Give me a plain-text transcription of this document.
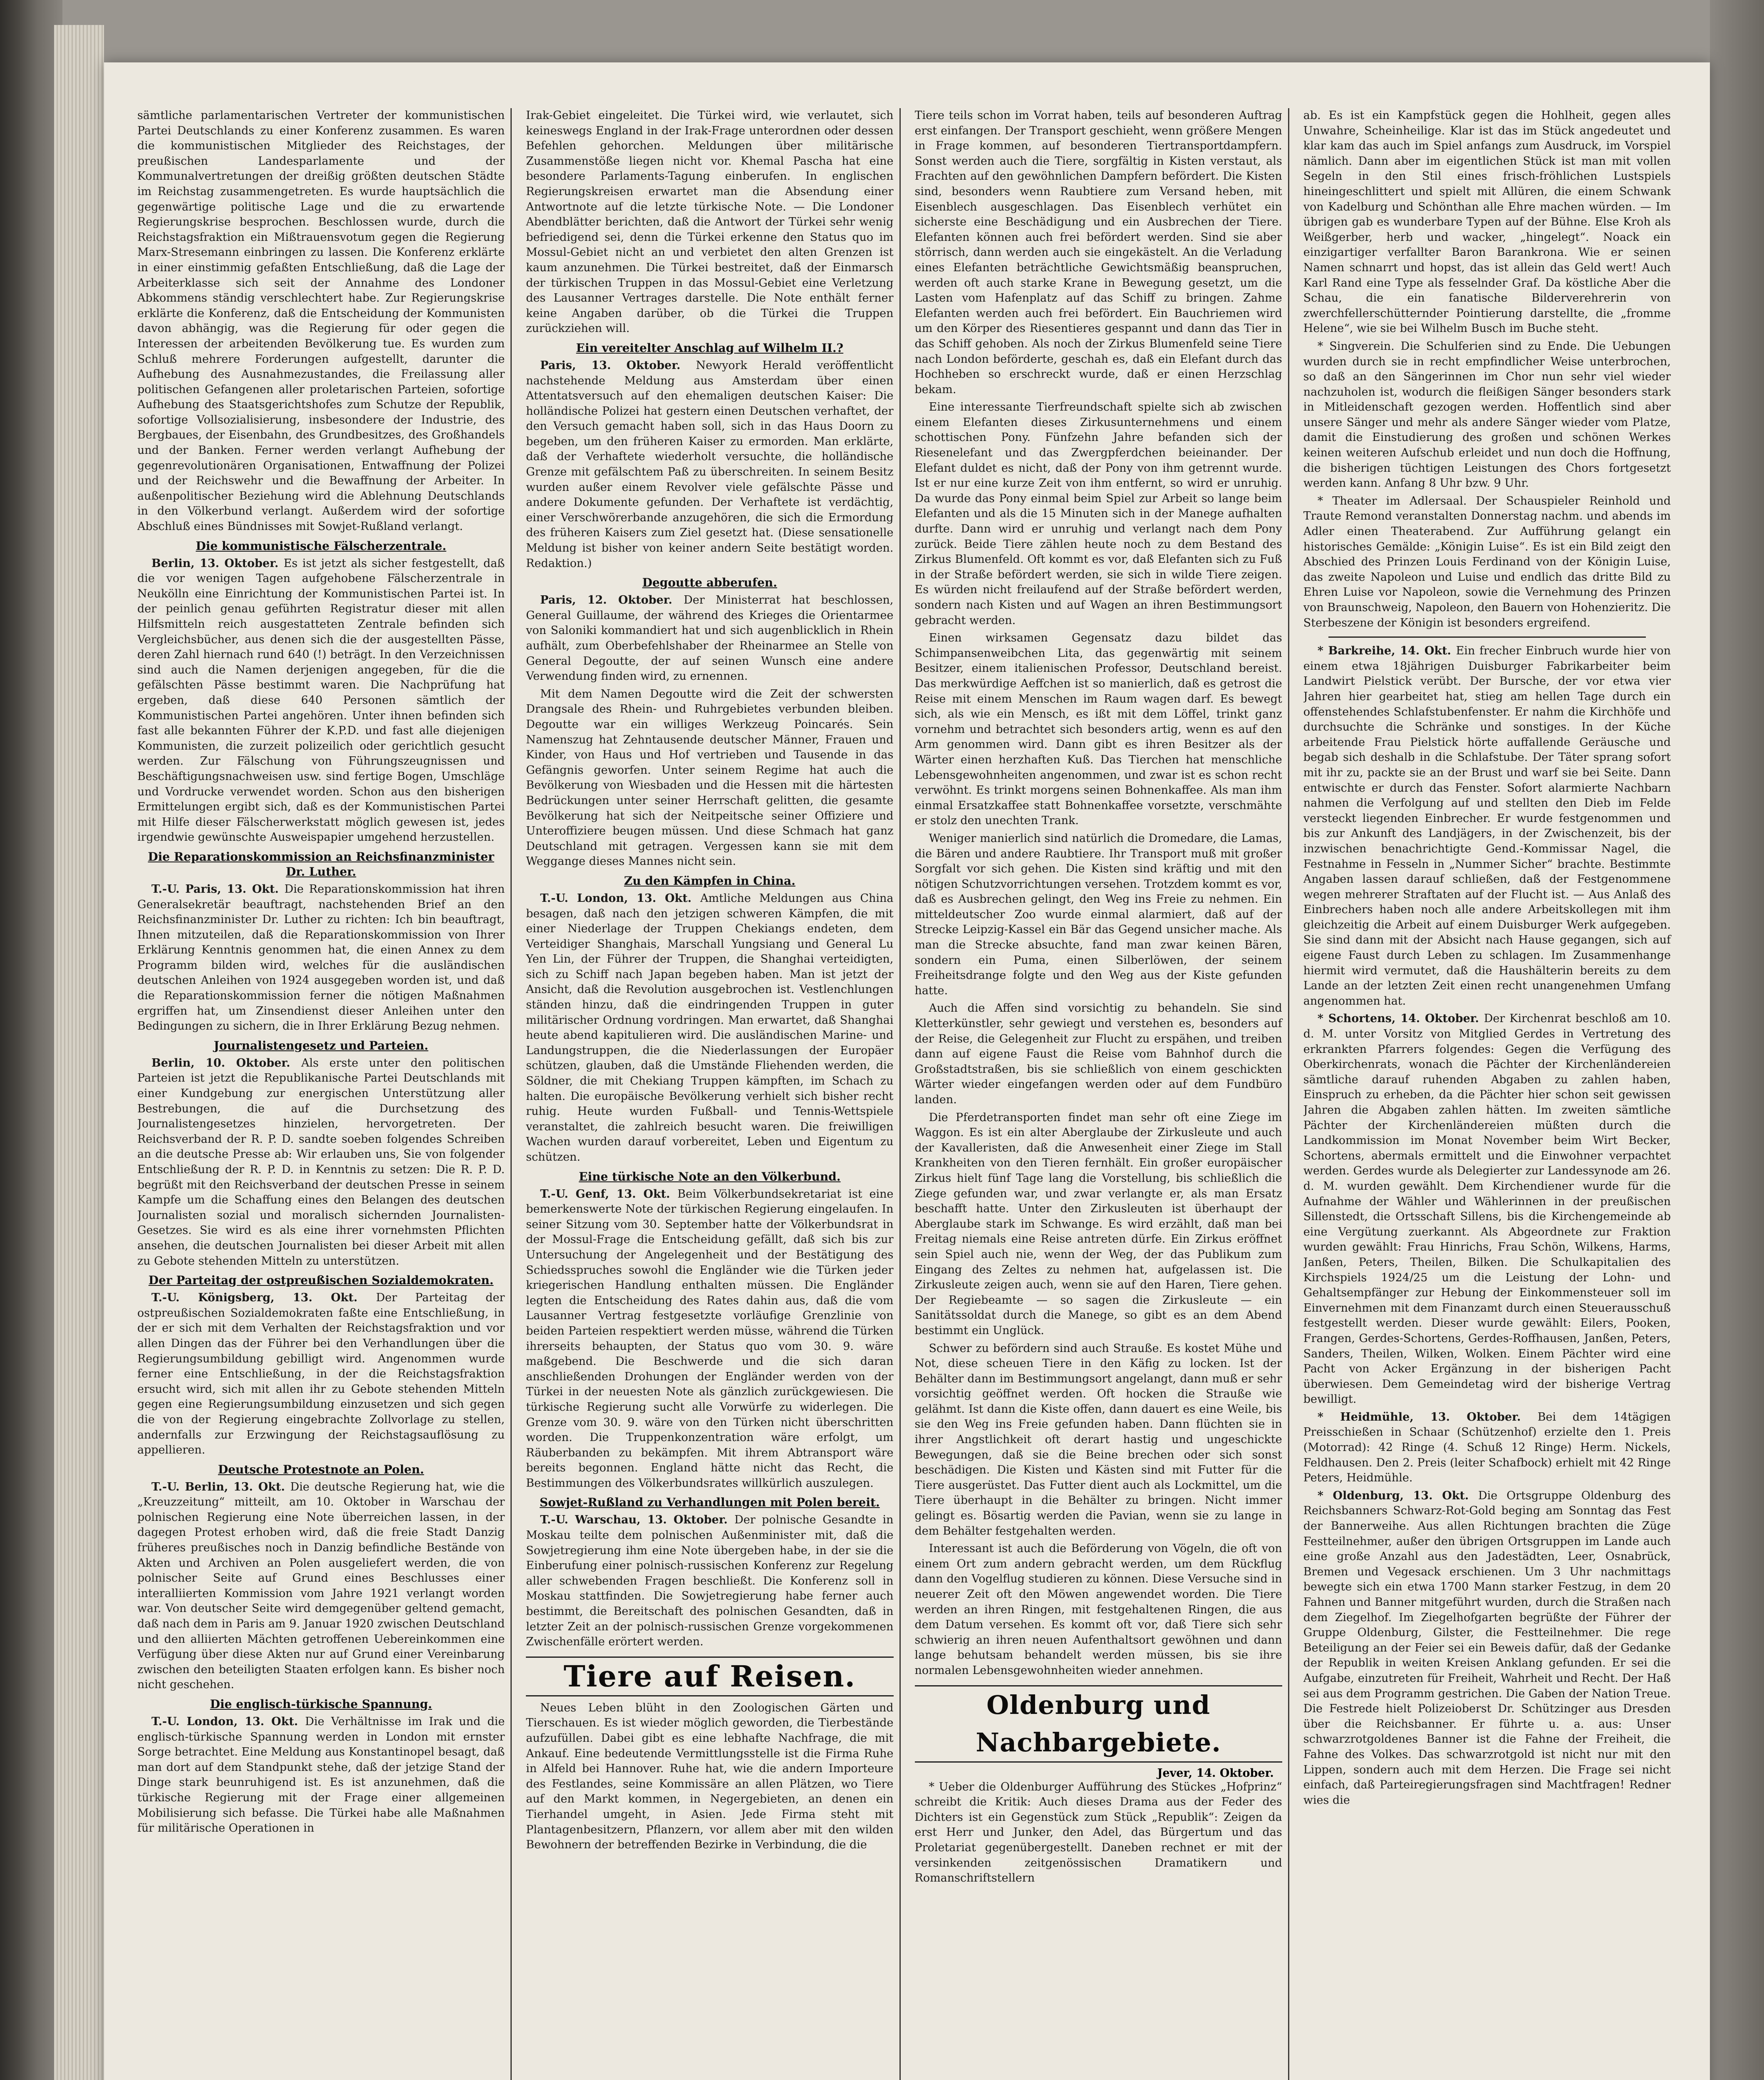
sämtliche parlamentarischen Vertreter der kommunistischen Partei Deutschlands zu einer Konferenz zusammen. Es waren die kommunistischen Mitglieder des Reichstages, der preußischen Landesparlamente und der Kommunalvertretungen der dreißig größten deutschen Städte im Reichstag zusammengetreten. Es wurde hauptsächlich die gegenwärtige politische Lage und die zu erwartende Regierungskrise besprochen. Beschlossen wurde, durch die Reichstagsfraktion ein Mißtrauensvotum gegen die Regierung Marx-Stresemann einbringen zu lassen. Die Konferenz erklärte in einer einstimmig gefaßten Entschließung, daß die Lage der Arbeiterklasse sich seit der Annahme des Londoner Abkommens ständig verschlechtert habe. Zur Regierungskrise erklärte die Konferenz, daß die Entscheidung der Kommunisten davon abhängig, was die Regierung für oder gegen die Interessen der arbeitenden Bevölkerung tue. Es wurden zum Schluß mehrere Forderungen aufgestellt, darunter die Aufhebung des Ausnahmezustandes, die Freilassung aller politischen Gefangenen aller proletarischen Parteien, sofortige Aufhebung des Staatsgerichtshofes zum Schutze der Republik, sofortige Vollsozialisierung, insbesondere der Industrie, des Bergbaues, der Eisenbahn, des Grundbesitzes, des Großhandels und der Banken. Ferner werden verlangt Aufhebung der gegenrevolutionären Organisationen, Entwaffnung der Polizei und der Reichswehr und die Bewaffnung der Arbeiter. In außenpolitischer Beziehung wird die Ablehnung Deutschlands in den Völkerbund verlangt. Außerdem wird der sofortige Abschluß eines Bündnisses mit Sowjet-Rußland verlangt.

Die kommunistische Fälscherzentrale.

Berlin, 13. Oktober. Es ist jetzt als sicher festgestellt, daß die vor wenigen Tagen aufgehobene Fälscherzentrale in Neukölln eine Einrichtung der Kommunistischen Partei ist. In der peinlich genau geführten Registratur dieser mit allen Hilfsmitteln reich ausgestatteten Zentrale befinden sich Vergleichsbücher, aus denen sich die der ausgestellten Pässe, deren Zahl hiernach rund 640 (!) beträgt. In den Verzeichnissen sind auch die Namen derjenigen angegeben, für die die gefälschten Pässe bestimmt waren. Die Nachprüfung hat ergeben, daß diese 640 Personen sämtlich der Kommunistischen Partei angehören. Unter ihnen befinden sich fast alle bekannten Führer der K.P.D. und fast alle diejenigen Kommunisten, die zurzeit polizeilich oder gerichtlich gesucht werden. Zur Fälschung von Führungszeugnissen und Beschäftigungsnachweisen usw. sind fertige Bogen, Umschläge und Vordrucke verwendet worden. Schon aus den bisherigen Ermittelungen ergibt sich, daß es der Kommunistischen Partei mit Hilfe dieser Fälscherwerkstatt möglich gewesen ist, jedes irgendwie gewünschte Ausweispapier umgehend herzustellen.

Die Reparationskommission an Reichsfinanzminister Dr. Luther.

T.-U. Paris, 13. Okt. Die Reparationskommission hat ihren Generalsekretär beauftragt, nachstehenden Brief an den Reichsfinanzminister Dr. Luther zu richten: Ich bin beauftragt, Ihnen mitzuteilen, daß die Reparationskommission von Ihrer Erklärung Kenntnis genommen hat, die einen Annex zu dem Programm bilden wird, welches für die ausländischen deutschen Anleihen von 1924 ausgegeben worden ist, und daß die Reparationskommission ferner die nötigen Maßnahmen ergriffen hat, um Zinsendienst dieser Anleihen unter den Bedingungen zu sichern, die in Ihrer Erklärung Bezug nehmen.

Journalistengesetz und Parteien.

Berlin, 10. Oktober. Als erste unter den politischen Parteien ist jetzt die Republikanische Partei Deutschlands mit einer Kundgebung zur energischen Unterstützung aller Bestrebungen, die auf die Durchsetzung des Journalistengesetzes hinzielen, hervorgetreten. Der Reichsverband der R. P. D. sandte soeben folgendes Schreiben an die deutsche Presse ab: Wir erlauben uns, Sie von folgender Entschließung der R. P. D. in Kenntnis zu setzen: Die R. P. D. begrüßt mit den Reichsverband der deutschen Presse in seinem Kampfe um die Schaffung eines den Belangen des deutschen Journalisten sozial und moralisch sichernden Journalisten-Gesetzes. Sie wird es als eine ihrer vornehmsten Pflichten ansehen, die deutschen Journalisten bei dieser Arbeit mit allen zu Gebote stehenden Mitteln zu unterstützen.

Der Parteitag der ostpreußischen Sozialdemokraten.

T.-U. Königsberg, 13. Okt. Der Parteitag der ostpreußischen Sozialdemokraten faßte eine Entschließung, in der er sich mit dem Verhalten der Reichstagsfraktion und vor allen Dingen das der Führer bei den Verhandlungen über die Regierungsumbildung gebilligt wird. Angenommen wurde ferner eine Entschließung, in der die Reichstagsfraktion ersucht wird, sich mit allen ihr zu Gebote stehenden Mitteln gegen eine Regierungsumbildung einzusetzen und sich gegen die von der Regierung eingebrachte Zollvorlage zu stellen, andernfalls zur Erzwingung der Reichstagsauflösung zu appellieren.

Deutsche Protestnote an Polen.

T.-U. Berlin, 13. Okt. Die deutsche Regierung hat, wie die „Kreuzzeitung“ mitteilt, am 10. Oktober in Warschau der polnischen Regierung eine Note überreichen lassen, in der dagegen Protest erhoben wird, daß die freie Stadt Danzig früheres preußisches noch in Danzig befindliche Bestände von Akten und Archiven an Polen ausgeliefert werden, die von polnischer Seite auf Grund eines Beschlusses einer interalliierten Kommission vom Jahre 1921 verlangt worden war. Von deutscher Seite wird demgegenüber geltend gemacht, daß nach dem in Paris am 9. Januar 1920 zwischen Deutschland und den alliierten Mächten getroffenen Uebereinkommen eine Verfügung über diese Akten nur auf Grund einer Vereinbarung zwischen den beteiligten Staaten erfolgen kann. Es bisher noch nicht geschehen.

Die englisch-türkische Spannung.

T.-U. London, 13. Okt. Die Verhältnisse im Irak und die englisch-türkische Spannung werden in London mit ernster Sorge betrachtet. Eine Meldung aus Konstantinopel besagt, daß man dort auf dem Standpunkt stehe, daß der jetzige Stand der Dinge stark beunruhigend ist. Es ist anzunehmen, daß die türkische Regierung mit der Frage einer allgemeinen Mobilisierung sich befasse. Die Türkei habe alle Maßnahmen für militärische Operationen in

Irak-Gebiet eingeleitet. Die Türkei wird, wie verlautet, sich keineswegs England in der Irak-Frage unterordnen oder dessen Befehlen gehorchen. Meldungen über militärische Zusammenstöße liegen nicht vor. Khemal Pascha hat eine besondere Parlaments-Tagung einberufen. In englischen Regierungskreisen erwartet man die Absendung einer Antwortnote auf die letzte türkische Note. — Die Londoner Abendblätter berichten, daß die Antwort der Türkei sehr wenig befriedigend sei, denn die Türkei erkenne den Status quo im Mossul-Gebiet nicht an und verbietet den alten Grenzen ist kaum anzunehmen. Die Türkei bestreitet, daß der Einmarsch der türkischen Truppen in das Mossul-Gebiet eine Verletzung des Lausanner Vertrages darstelle. Die Note enthält ferner keine Angaben darüber, ob die Türkei die Truppen zurückziehen will.

Ein vereitelter Anschlag auf Wilhelm II.?

Paris, 13. Oktober. Newyork Herald veröffentlicht nachstehende Meldung aus Amsterdam über einen Attentatsversuch auf den ehemaligen deutschen Kaiser: Die holländische Polizei hat gestern einen Deutschen verhaftet, der den Versuch gemacht haben soll, sich in das Haus Doorn zu begeben, um den früheren Kaiser zu ermorden. Man erklärte, daß der Verhaftete wiederholt versuchte, die holländische Grenze mit gefälschtem Paß zu überschreiten. In seinem Besitz wurden außer einem Revolver viele gefälschte Pässe und andere Dokumente gefunden. Der Verhaftete ist verdächtig, einer Verschwörerbande anzugehören, die sich die Ermordung des früheren Kaisers zum Ziel gesetzt hat. (Diese sensationelle Meldung ist bisher von keiner andern Seite bestätigt worden. Redaktion.)

Degoutte abberufen.

Paris, 12. Oktober. Der Ministerrat hat beschlossen, General Guillaume, der während des Krieges die Orientarmee von Saloniki kommandiert hat und sich augenblicklich in Rhein aufhält, zum Oberbefehlshaber der Rheinarmee an Stelle von General Degoutte, der auf seinen Wunsch eine andere Verwendung finden wird, zu ernennen.

Mit dem Namen Degoutte wird die Zeit der schwersten Drangsale des Rhein- und Ruhrgebietes verbunden bleiben. Degoutte war ein williges Werkzeug Poincarés. Sein Namenszug hat Zehntausende deutscher Männer, Frauen und Kinder, von Haus und Hof vertrieben und Tausende in das Gefängnis geworfen. Unter seinem Regime hat auch die Bevölkerung von Wiesbaden und die Hessen mit die härtesten Bedrückungen unter seiner Herrschaft gelitten, die gesamte Bevölkerung hat sich der Neitpeitsche seiner Offiziere und Unteroffiziere beugen müssen. Und diese Schmach hat ganz Deutschland mit getragen. Vergessen kann sie mit dem Weggange dieses Mannes nicht sein.

Zu den Kämpfen in China.

T.-U. London, 13. Okt. Amtliche Meldungen aus China besagen, daß nach den jetzigen schweren Kämpfen, die mit einer Niederlage der Truppen Chekiangs endeten, dem Verteidiger Shanghais, Marschall Yungsiang und General Lu Yen Lin, der Führer der Truppen, die Shanghai verteidigten, sich zu Schiff nach Japan begeben haben. Man ist jetzt der Ansicht, daß die Revolution ausgebrochen ist. Vestlenchlungen ständen hinzu, daß die eindringenden Truppen in guter militärischer Ordnung vordringen. Man erwartet, daß Shanghai heute abend kapitulieren wird. Die ausländischen Marine- und Landungstruppen, die die Niederlassungen der Europäer schützen, glauben, daß die Umstände Fliehenden werden, die Söldner, die mit Chekiang Truppen kämpften, im Schach zu halten. Die europäische Bevölkerung verhielt sich bisher recht ruhig. Heute wurden Fußball- und Tennis-Wettspiele veranstaltet, die zahlreich besucht waren. Die freiwilligen Wachen wurden darauf vorbereitet, Leben und Eigentum zu schützen.

Eine türkische Note an den Völkerbund.

T.-U. Genf, 13. Okt. Beim Völkerbundsekretariat ist eine bemerkenswerte Note der türkischen Regierung eingelaufen. In seiner Sitzung vom 30. September hatte der Völkerbundsrat in der Mossul-Frage die Entscheidung gefällt, daß sich bis zur Untersuchung der Angelegenheit und der Bestätigung des Schiedsspruches sowohl die Engländer wie die Türken jeder kriegerischen Handlung enthalten müssen. Die Engländer legten die Entscheidung des Rates dahin aus, daß die vom Lausanner Vertrag festgesetzte vorläufige Grenzlinie von beiden Parteien respektiert werden müsse, während die Türken ihrerseits behaupten, der Status quo vom 30. 9. wäre maßgebend. Die Beschwerde und die sich daran anschließenden Drohungen der Engländer werden von der Türkei in der neuesten Note als gänzlich zurückgewiesen. Die türkische Regierung sucht alle Vorwürfe zu widerlegen. Die Grenze vom 30. 9. wäre von den Türken nicht überschritten worden. Die Truppenkonzentration wäre erfolgt, um Räuberbanden zu bekämpfen. Mit ihrem Abtransport wäre bereits begonnen. England hätte nicht das Recht, die Bestimmungen des Völkerbundsrates willkürlich auszulegen.

Sowjet-Rußland zu Verhandlungen mit Polen bereit.

T.-U. Warschau, 13. Oktober. Der polnische Gesandte in Moskau teilte dem polnischen Außenminister mit, daß die Sowjetregierung ihm eine Note übergeben habe, in der sie die Einberufung einer polnisch-russischen Konferenz zur Regelung aller schwebenden Fragen beschließt. Die Konferenz soll in Moskau stattfinden. Die Sowjetregierung habe ferner auch bestimmt, die Bereitschaft des polnischen Gesandten, daß in letzter Zeit an der polnisch-russischen Grenze vorgekommenen Zwischenfälle erörtert werden.

Tiere auf Reisen.

Neues Leben blüht in den Zoologischen Gärten und Tierschauen. Es ist wieder möglich geworden, die Tierbestände aufzufüllen. Dabei gibt es eine lebhafte Nachfrage, die mit Ankauf. Eine bedeutende Vermittlungsstelle ist die Firma Ruhe in Alfeld bei Hannover. Ruhe hat, wie die andern Importeure des Festlandes, seine Kommissäre an allen Plätzen, wo Tiere auf den Markt kommen, in Negergebieten, an denen ein Tierhandel umgeht, in Asien. Jede Firma steht mit Plantagenbesitzern, Pflanzern, vor allem aber mit den wilden Bewohnern der betreffenden Bezirke in Verbindung, die die

Tiere teils schon im Vorrat haben, teils auf besonderen Auftrag erst einfangen. Der Transport geschieht, wenn größere Mengen in Frage kommen, auf besonderen Tiertransportdampfern. Sonst werden auch die Tiere, sorgfältig in Kisten verstaut, als Frachten auf den gewöhnlichen Dampfern befördert. Die Kisten sind, besonders wenn Raubtiere zum Versand heben, mit Eisenblech ausgeschlagen. Das Eisenblech verhütet ein sicherste eine Beschädigung und ein Ausbrechen der Tiere. Elefanten können auch frei befördert werden. Sind sie aber störrisch, dann werden auch sie eingekästelt. An die Verladung eines Elefanten beträchtliche Gewichtsmäßig beanspruchen, werden oft auch starke Krane in Bewegung gesetzt, um die Lasten vom Hafenplatz auf das Schiff zu bringen. Zahme Elefanten werden auch frei befördert. Ein Bauchriemen wird um den Körper des Riesentieres gespannt und dann das Tier in das Schiff gehoben. Als noch der Zirkus Blumenfeld seine Tiere nach London beförderte, geschah es, daß ein Elefant durch das Hochheben so erschreckt wurde, daß er einen Herzschlag bekam.

Eine interessante Tierfreundschaft spielte sich ab zwischen einem Elefanten dieses Zirkusunternehmens und einem schottischen Pony. Fünfzehn Jahre befanden sich der Riesenelefant und das Zwergpferdchen beieinander. Der Elefant duldet es nicht, daß der Pony von ihm getrennt wurde. Ist er nur eine kurze Zeit von ihm entfernt, so wird er unruhig. Da wurde das Pony einmal beim Spiel zur Arbeit so lange beim Elefanten und als die 15 Minuten sich in der Manege aufhalten durfte. Dann wird er unruhig und verlangt nach dem Pony zurück. Beide Tiere zählen heute noch zu dem Bestand des Zirkus Blumenfeld. Oft kommt es vor, daß Elefanten sich zu Fuß in der Straße befördert werden, sie sich in wilde Tiere zeigen. Es würden nicht freilaufend auf der Straße befördert werden, sondern nach Kisten und auf Wagen an ihren Bestimmungsort gebracht werden.

Einen wirksamen Gegensatz dazu bildet das Schimpansenweibchen Lita, das gegenwärtig mit seinem Besitzer, einem italienischen Professor, Deutschland bereist. Das merkwürdige Aeffchen ist so manierlich, daß es getrost die Reise mit einem Menschen im Raum wagen darf. Es bewegt sich, als wie ein Mensch, es ißt mit dem Löffel, trinkt ganz vornehm und betrachtet sich besonders artig, wenn es auf den Arm genommen wird. Dann gibt es ihren Besitzer als der Wärter einen herzhaften Kuß. Das Tierchen hat menschliche Lebensgewohnheiten angenommen, und zwar ist es schon recht verwöhnt. Es trinkt morgens seinen Bohnenkaffee. Als man ihm einmal Ersatzkaffee statt Bohnenkaffee vorsetzte, verschmähte er stolz den unechten Trank.

Weniger manierlich sind natürlich die Dromedare, die Lamas, die Bären und andere Raubtiere. Ihr Transport muß mit großer Sorgfalt vor sich gehen. Die Kisten sind kräftig und mit den nötigen Schutzvorrichtungen versehen. Trotzdem kommt es vor, daß es Ausbrechen gelingt, den Weg ins Freie zu nehmen. Ein mitteldeutscher Zoo wurde einmal alarmiert, daß auf der Strecke Leipzig-Kassel ein Bär das Gegend unsicher mache. Als man die Strecke absuchte, fand man zwar keinen Bären, sondern ein Puma, einen Silberlöwen, der seinem Freiheitsdrange folgte und den Weg aus der Kiste gefunden hatte.

Auch die Affen sind vorsichtig zu behandeln. Sie sind Kletterkünstler, sehr gewiegt und verstehen es, besonders auf der Reise, die Gelegenheit zur Flucht zu erspähen, und treiben dann auf eigene Faust die Reise vom Bahnhof durch die Großstadtstraßen, bis sie schließlich von einem geschickten Wärter wieder eingefangen werden oder auf dem Fundbüro landen.

Die Pferdetransporten findet man sehr oft eine Ziege im Waggon. Es ist ein alter Aberglaube der Zirkusleute und auch der Kavalleristen, daß die Anwesenheit einer Ziege im Stall Krankheiten von den Tieren fernhält. Ein großer europäischer Zirkus hielt fünf Tage lang die Vorstellung, bis schließlich die Ziege gefunden war, und zwar verlangte er, als man Ersatz beschafft hatte. Unter den Zirkusleuten ist überhaupt der Aberglaube stark im Schwange. Es wird erzählt, daß man bei Freitag niemals eine Reise antreten dürfe. Ein Zirkus eröffnet sein Spiel auch nie, wenn der Weg, der das Publikum zum Eingang des Zeltes zu nehmen hat, aufgelassen ist. Die Zirkusleute zeigen auch, wenn sie auf den Haren, Tiere gehen. Der Regiebeamte — so sagen die Zirkusleute — ein Sanitätssoldat durch die Manege, so gibt es an dem Abend bestimmt ein Unglück.

Schwer zu befördern sind auch Strauße. Es kostet Mühe und Not, diese scheuen Tiere in den Käfig zu locken. Ist der Behälter dann im Bestimmungsort angelangt, dann muß er sehr vorsichtig geöffnet werden. Oft hocken die Strauße wie gelähmt. Ist dann die Kiste offen, dann dauert es eine Weile, bis sie den Weg ins Freie gefunden haben. Dann flüchten sie in ihrer Angstlichkeit oft derart hastig und ungeschickte Bewegungen, daß sie die Beine brechen oder sich sonst beschädigen. Die Kisten und Kästen sind mit Futter für die Tiere ausgerüstet. Das Futter dient auch als Lockmittel, um die Tiere überhaupt in die Behälter zu bringen. Nicht immer gelingt es. Bösartig werden die Pavian, wenn sie zu lange in dem Behälter festgehalten werden.

Interessant ist auch die Beförderung von Vögeln, die oft von einem Ort zum andern gebracht werden, um dem Rückflug dann den Vogelflug studieren zu können. Diese Versuche sind in neuerer Zeit oft den Möwen angewendet worden. Die Tiere werden an ihren Ringen, mit festgehaltenen Ringen, die aus dem Datum versehen. Es kommt oft vor, daß Tiere sich sehr schwierig an ihren neuen Aufenthaltsort gewöhnen und dann lange behutsam behandelt werden müssen, bis sie ihre normalen Lebensgewohnheiten wieder annehmen.

Oldenburg und Nachbargebiete.
Jever, 14. Oktober.

* Ueber die Oldenburger Aufführung des Stückes „Hofprinz“ schreibt die Kritik: Auch dieses Drama aus der Feder des Dichters ist ein Gegenstück zum Stück „Republik“: Zeigen da erst Herr und Junker, den Adel, das Bürgertum und das Proletariat gegenübergestellt. Daneben rechnet er mit der versinkenden zeitgenössischen Dramatikern und Romanschriftstellern

ab. Es ist ein Kampfstück gegen die Hohlheit, gegen alles Unwahre, Scheinheilige. Klar ist das im Stück angedeutet und klar kam das auch im Spiel anfangs zum Ausdruck, im Vorspiel nämlich. Dann aber im eigentlichen Stück ist man mit vollen Segeln in den Stil eines frisch-fröhlichen Lustspiels hineingeschlittert und spielt mit Allüren, die einem Schwank von Kadelburg und Schönthan alle Ehre machen würden. — Im übrigen gab es wunderbare Typen auf der Bühne. Else Kroh als Weißgerber, herb und wacker, „hingelegt“. Noack ein einzigartiger verfallter Baron Barankrona. Wie er seinen Namen schnarrt und hopst, das ist allein das Geld wert! Auch Karl Rand eine Type als fesselnder Graf. Da köstliche Aber die Schau, die ein fanatische Bilderverehrerin von zwerchfellerschütternder Pointierung darstellte, die „fromme Helene“, wie sie bei Wilhelm Busch im Buche steht.

* Singverein. Die Schulferien sind zu Ende. Die Uebungen wurden durch sie in recht empfindlicher Weise unterbrochen, so daß an den Sängerinnen im Chor nun sehr viel wieder nachzuholen ist, wodurch die fleißigen Sänger besonders stark in Mitleidenschaft gezogen werden. Hoffentlich sind aber unsere Sänger und mehr als andere Sänger wieder vom Platze, damit die Einstudierung des großen und schönen Werkes keinen weiteren Aufschub erleidet und nun doch die Hoffnung, die bisherigen tüchtigen Leistungen des Chors fortgesetzt werden kann. Anfang 8 Uhr bzw. 9 Uhr.

* Theater im Adlersaal. Der Schauspieler Reinhold und Traute Remond veranstalten Donnerstag nachm. und abends im Adler einen Theaterabend. Zur Aufführung gelangt ein historisches Gemälde: „Königin Luise“. Es ist ein Bild zeigt den Abschied des Prinzen Louis Ferdinand von der Königin Luise, das zweite Napoleon und Luise und endlich das dritte Bild zu Ehren Luise vor Napoleon, sowie die Vernehmung des Prinzen von Braunschweig, Napoleon, den Bauern von Hohenzieritz. Die Sterbeszene der Königin ist besonders ergreifend.

* Barkreihe, 14. Okt. Ein frecher Einbruch wurde hier von einem etwa 18jährigen Duisburger Fabrikarbeiter beim Landwirt Pielstick verübt. Der Bursche, der vor etwa vier Jahren hier gearbeitet hat, stieg am hellen Tage durch ein offenstehendes Schlafstubenfenster. Er nahm die Kirchhöfe und durchsuchte die Schränke und sonstiges. In der Küche arbeitende Frau Pielstick hörte auffallende Geräusche und begab sich deshalb in die Schlafstube. Der Täter sprang sofort mit ihr zu, packte sie an der Brust und warf sie bei Seite. Dann entwischte er durch das Fenster. Sofort alarmierte Nachbarn nahmen die Verfolgung auf und stellten den Dieb im Felde versteckt liegenden Einbrecher. Er wurde festgenommen und bis zur Ankunft des Landjägers, in der Zwischenzeit, bis der inzwischen benachrichtigte Gend.-Kommissar Nagel, die Festnahme in Fesseln in „Nummer Sicher“ brachte. Bestimmte Angaben lassen darauf schließen, daß der Festgenommene wegen mehrerer Straftaten auf der Flucht ist. — Aus Anlaß des Einbrechers haben noch alle andere Arbeitskollegen mit ihm gleichzeitig die Arbeit auf einem Duisburger Werk aufgegeben. Sie sind dann mit der Absicht nach Hause gegangen, sich auf eigene Faust durch Leben zu schlagen. Im Zusammenhange hiermit wird vermutet, daß die Haushälterin bereits zu dem Lande an der letzten Zeit einen recht unangenehmen Umfang angenommen hat.

* Schortens, 14. Oktober. Der Kirchenrat beschloß am 10. d. M. unter Vorsitz von Mitglied Gerdes in Vertretung des erkrankten Pfarrers folgendes: Gegen die Verfügung des Oberkirchenrats, wonach die Pächter der Kirchenländereien sämtliche darauf ruhenden Abgaben zu zahlen haben, Einspruch zu erheben, da die Pächter hier schon seit gewissen Jahren die Abgaben zahlen hätten. Im zweiten sämtliche Pächter der Kirchenländereien müßten durch die Landkommission im Monat November beim Wirt Becker, Schortens, abermals ermittelt und die Einwohner verpachtet werden. Gerdes wurde als Delegierter zur Landessynode am 26. d. M. wurden gewählt. Dem Kirchendiener wurde für die Aufnahme der Wähler und Wählerinnen in der preußischen Sillenstedt, die Ortsschaft Sillens, bis die Kirchengemeinde ab eine Vergütung zuerkannt. Als Abgeordnete zur Fraktion wurden gewählt: Frau Hinrichs, Frau Schön, Wilkens, Harms, Janßen, Peters, Theilen, Bilken. Die Schulkapitalien des Kirchspiels 1924/25 um die Leistung der Lohn- und Gehaltsempfänger zur Hebung der Einkommensteuer soll im Einvernehmen mit dem Finanzamt durch einen Steuerausschuß festgestellt werden. Dieser wurde gewählt: Eilers, Pooken, Frangen, Gerdes-Schortens, Gerdes-Roffhausen, Janßen, Peters, Sanders, Theilen, Wilken, Wolken. Einem Pächter wird eine Pacht von Acker Ergänzung in der bisherigen Pacht überwiesen. Dem Gemeindetag wird der bisherige Vertrag bewilligt.

* Heidmühle, 13. Oktober. Bei dem 14tägigen Preisschießen in Schaar (Schützenhof) erzielte den 1. Preis (Motorrad): 42 Ringe (4. Schuß 12 Ringe) Herm. Nickels, Feldhausen. Den 2. Preis (leiter Schafbock) erhielt mit 42 Ringe Peters, Heidmühle.

* Oldenburg, 13. Okt. Die Ortsgruppe Oldenburg des Reichsbanners Schwarz-Rot-Gold beging am Sonntag das Fest der Bannerweihe. Aus allen Richtungen brachten die Züge Festteilnehmer, außer den übrigen Ortsgruppen im Lande auch eine große Anzahl aus den Jadestädten, Leer, Osnabrück, Bremen und Vegesack erschienen. Um 3 Uhr nachmittags bewegte sich ein etwa 1700 Mann starker Festzug, in dem 20 Fahnen und Banner mitgeführt wurden, durch die Straßen nach dem Ziegelhof. Im Ziegelhofgarten begrüßte der Führer der Gruppe Oldenburg, Gilster, die Festteilnehmer. Die rege Beteiligung an der Feier sei ein Beweis dafür, daß der Gedanke der Republik in weiten Kreisen Anklang gefunden. Er sei die Aufgabe, einzutreten für Freiheit, Wahrheit und Recht. Der Haß sei aus dem Programm gestrichen. Die Gaben der Nation Treue. Die Festrede hielt Polizeioberst Dr. Schützinger aus Dresden über die Reichsbanner. Er führte u. a. aus: Unser schwarzrotgoldenes Banner ist die Fahne der Freiheit, die Fahne des Volkes. Das schwarzrotgold ist nicht nur mit den Lippen, sondern auch mit dem Herzen. Die Frage sei nicht einfach, daß Parteiregierungsfragen sind Machtfragen! Redner wies die
